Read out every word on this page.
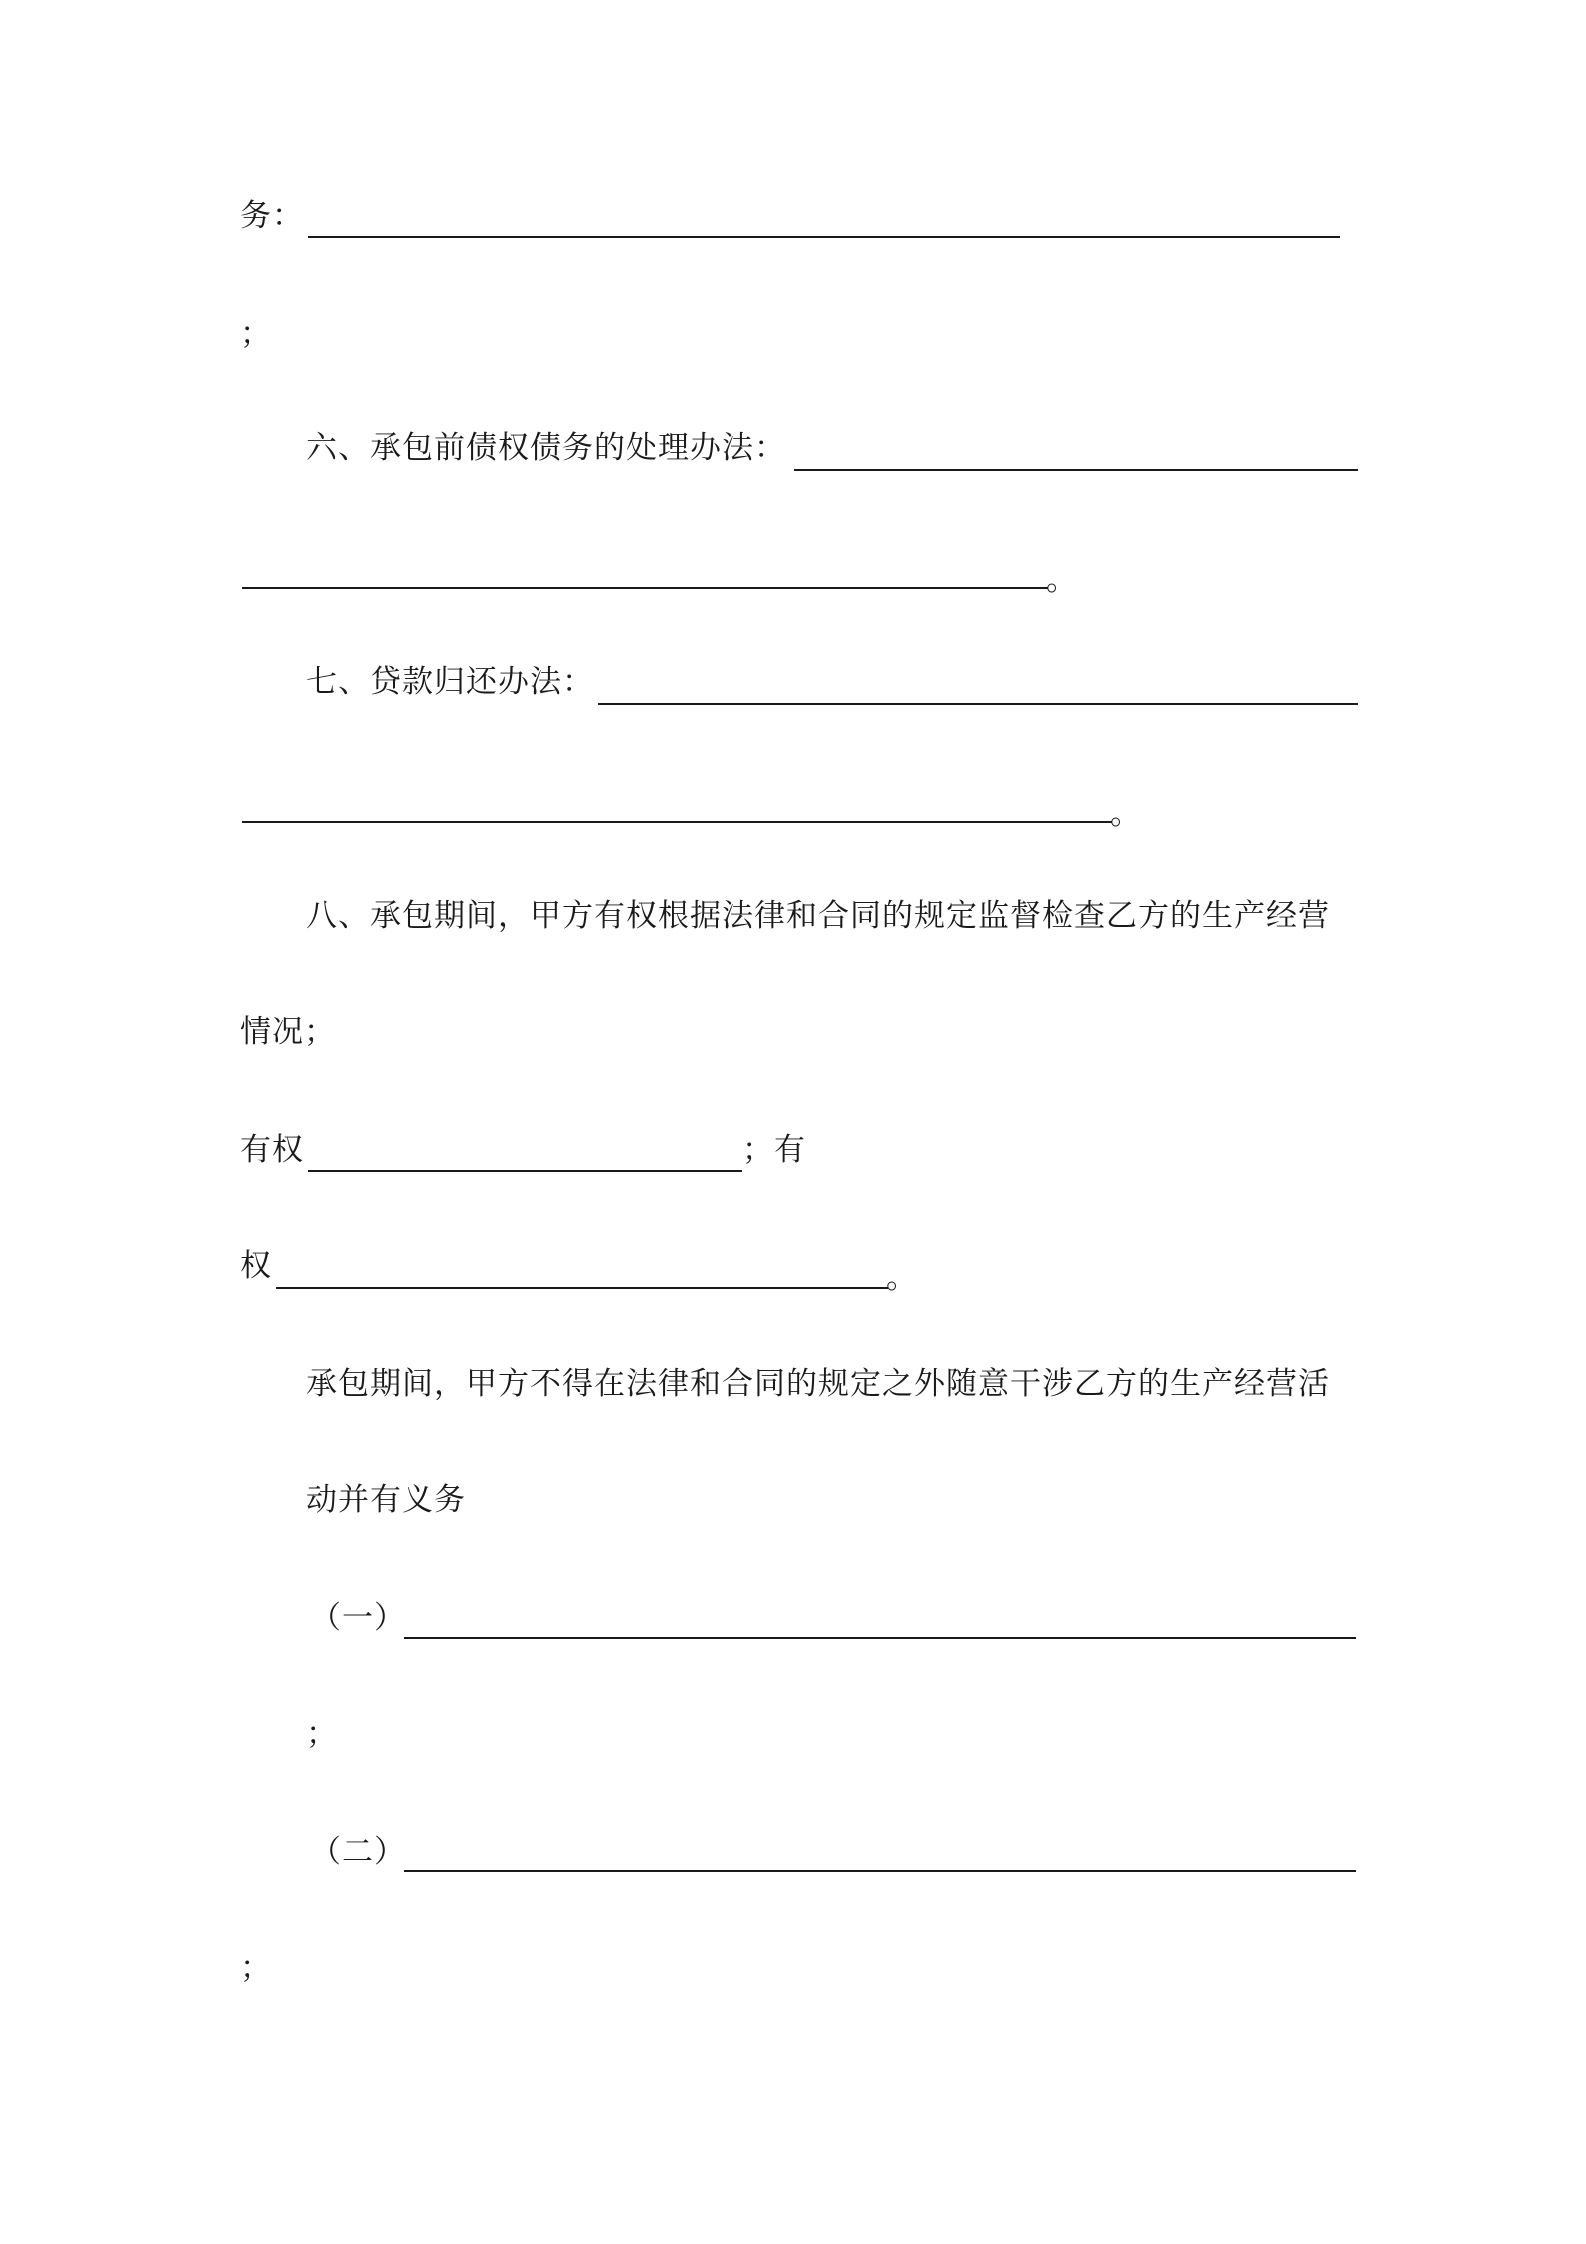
务：
；
六、承包前债权债务的处理办法：
。
七、贷款归还办法：
。
八、承包期间，甲方有权根据法律和合同的规定监督检查乙方的生产经营
情况；
有权	；有
权	。
承包期间，甲方不得在法律和合同的规定之外随意干涉乙方的生产经营活
动并有义务
（一）
；
（二）
；
